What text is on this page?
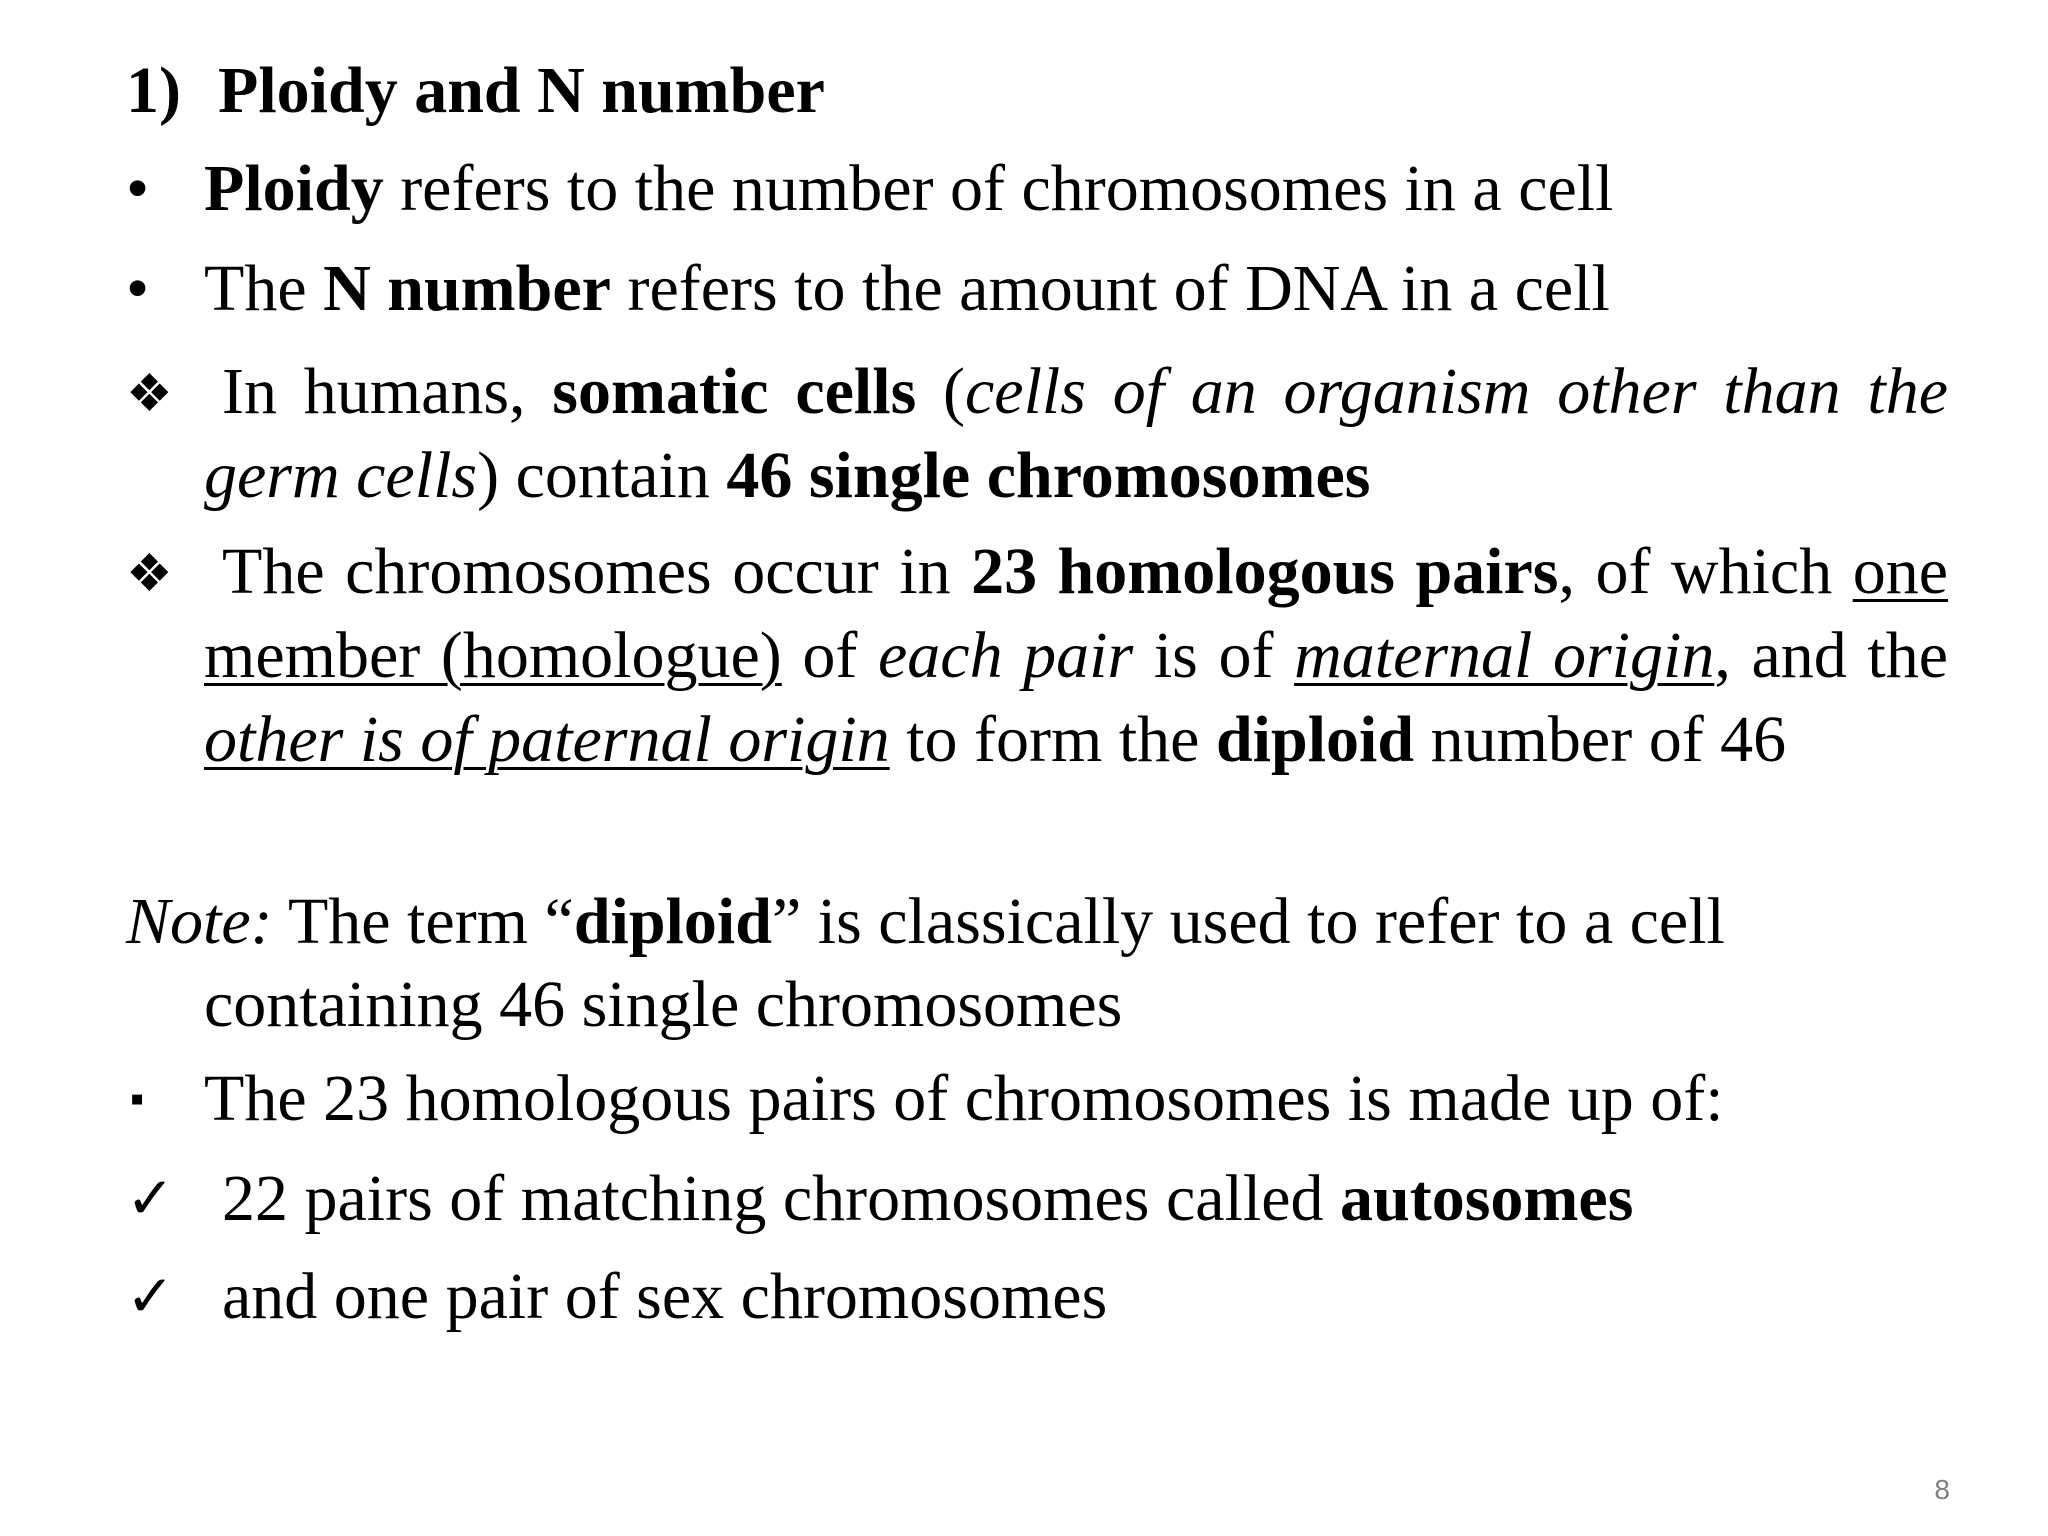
1) Ploidy and N number
• Ploidy refers to the number of chromosomes in a cell
• The N number refers to the amount of DNA in a cell
❖ In humans, somatic cells (cells of an organism other than the germ cells) contain 46 single chromosomes
❖ The chromosomes occur in 23 homologous pairs, of which one member (homologue) of each pair is of maternal origin, and the other is of paternal origin to form the diploid number of 46
Note: The term “diploid” is classically used to refer to a cell
containing 46 single chromosomes
▪ The 23 homologous pairs of chromosomes is made up of:
✓ 22 pairs of matching chromosomes called autosomes
✓ and one pair of sex chromosomes
8
